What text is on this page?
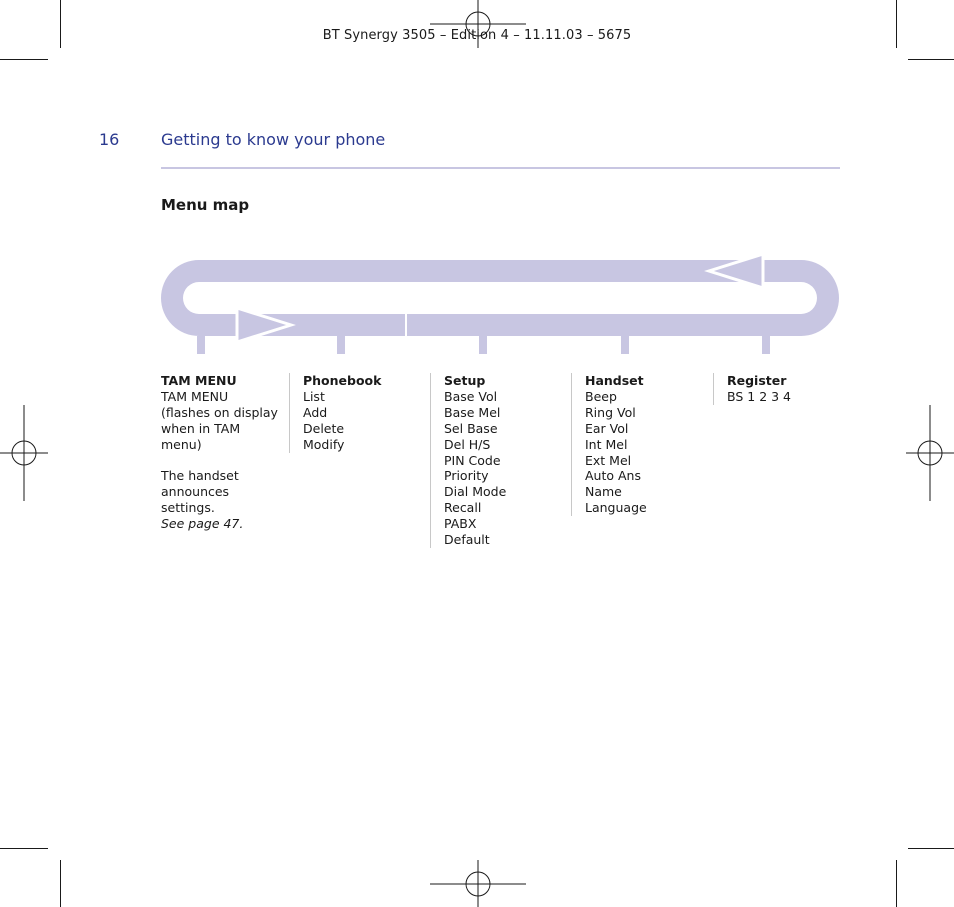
BT Synergy 3505 – Edition 4 – 11.11.03 – 5675
16	Getting to know your phone
Menu map
TAM MENU
TAM MENU
(flashes on display
when in TAM
menu)
The handset
announces
settings.
See page 47.
Phonebook
List
Add
Delete
Modify
Setup
Base Vol
Base Mel
Sel Base
Del H/S
PIN Code
Priority
Dial Mode
Recall
PABX
Default
Handset
Beep
Ring Vol
Ear Vol
Int Mel
Ext Mel
Auto Ans
Name
Language
Register
BS 1 2 3 4
